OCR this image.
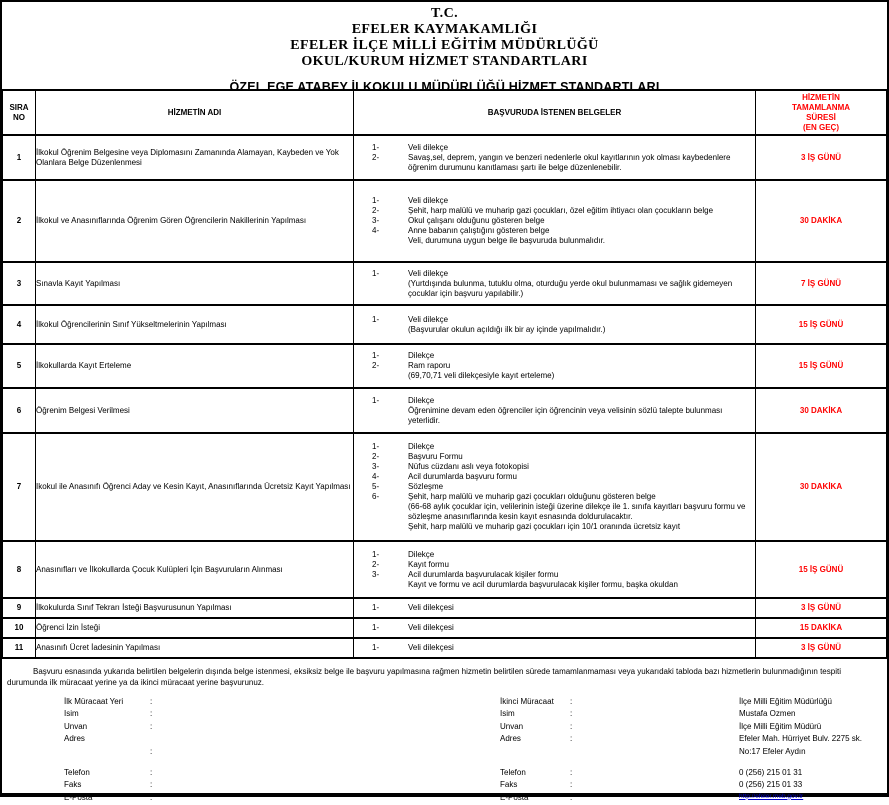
T.C.
EFELER KAYMAKAMLIĞI
EFELER İLÇE MİLLİ EĞİTİM MÜDÜRLÜĞÜ
OKUL/KURUM HİZMET STANDARTLARI
ÖZEL EGE ATABEY İLKOKULU MÜDÜRLÜĞÜ HİZMET STANDARTLARI
SIRA
NO	HİZMETİN ADI	BAŞVURUDA İSTENEN BELGELER	HİZMETİN
TAMAMLANMA
SÜRESİ
(EN GEÇ)
1	İlkokul Öğrenim Belgesine veya Diplomasını Zamanında Alamayan, Kaybeden ve Yok Olanlara Belge Düzenlenmesi	1- Veli dilekçe
2- Savaş,sel, deprem, yangın ve benzeri nedenlerle okul kayıtlarının yok olması kaybedenlere öğrenim durumunu kanıtlaması şartı ile belge düzenlenebilir.	3 İŞ GÜNÜ
2	İlkokul ve Anasınıflarında Öğrenim Gören Öğrencilerin Nakillerinin Yapılması	
1-	Veli dilekçe
2-	Şehit, harp malülü ve muharip gazi çocukları, özel eğitim ihtiyacı olan çocukların belge
3-	Okul çalışanı olduğunu gösteren belge
4-	Anne babanın çalıştığını gösteren belge
Veli, durumuna uygun belge ile başvuruda bulunmalıdır.
	30 DAKİKA
3	Sınavla Kayıt Yapılması	1- Veli dilekçe
(Yurtdışında bulunma, tutuklu olma, oturduğu yerde okul bulunmaması ve sağlık gidemeyen çocuklar için başvuru yapılabilir.)	7 İŞ GÜNÜ
4	İlkokul Öğrencilerinin Sınıf Yükseltmelerinin Yapılması	1- Veli dilekçe
(Başvurular okulun açıldığı ilk bir ay içinde yapılmalıdır.)	15 İŞ GÜNÜ
5	İlkokullarda Kayıt Erteleme	1- Dilekçe
2- Ram raporu
(69,70,71 veli dilekçesiyle kayıt erteleme)	15 İŞ GÜNÜ
6	Öğrenim Belgesi Verilmesi	1- Dilekçe
Öğrenimine devam eden öğrenciler için öğrencinin veya velisinin sözlü talepte bulunması yeterlidir.	30 DAKİKA
7	Ikokul ile Anasınıfı Öğrenci Aday ve Kesin Kayıt, Anasınıflarında Ücretsiz Kayıt Yapılması	
1-	Dilekçe
2-	Başvuru Formu
3-	Nüfus cüzdanı aslı veya fotokopisi
4-	Acil durumlarda başvuru formu
5-	Sözleşme
6-	Şehit, harp malülü ve muharip gazi çocukları olduğunu gösteren belge
(66-68 aylık çocuklar için, velilerinin isteği üzerine dilekçe ile 1. sınıfa kayıtları başvuru formu ve sözleşme anasınıflarında kesin kayıt esnasında doldurulacaktır.
Şehit, harp malülü ve muharip gazi çocukları için 10/1 oranında ücretsiz kayıt
	30 DAKİKA
8	Anasınıfları ve İlkokullarda Çocuk Kulüpleri İçin Başvuruların Alınması	
1-	Dilekçe
2-	Kayıt formu
3-	Acil durumlarda başvurulacak kişiler formu
Kayıt ve formu ve acil durumlarda başvurulacak kişiler formu, başka okuldan
	15 İŞ GÜNÜ
9	İlkokulurda Sınıf Tekrarı İsteği Başvurusunun Yapılması	1- Veli dilekçesi	3 İŞ GÜNÜ
10	Öğrenci İzin İsteği	1- Veli dilekçesi	15 DAKİKA
11	Anasınıfı Ücret İadesinin Yapılması	1- Veli dilekçesi	3 İŞ GÜNÜ
Başvuru esnasında yukarıda belirtilen belgelerin dışında belge istenmesi, eksiksiz belge ile başvuru yapılmasına rağmen hizmetin belirtilen sürede tamamlanmaması veya yukarıdaki tabloda bazı hizmetlerin bulunmadığının tespiti durumunda ilk müracaat yerine ya da ikinci müracaat yerine başvurunuz.
İlk Müracaat Yeri	:	İkinci Müracaat :	İlçe Milli Eğitim Müdürlüğü
Isim	:	Isim	:	Mustafa Ozmen
Unvan	:	Unvan	:	İlçe Milli Eğitim Müdürü
Adres	Adres	:	Efeler Mah. Hürriyet Bulv. 2275 sk.
:	No:17 Efeler Aydın
Telefon	:	Telefon	:	0 (256) 215 01 31
Faks	:	Faks	:	0 (256) 215 01 33
E-Posta	:	E-Posta	:	http://efeler.meb.gov.tr
